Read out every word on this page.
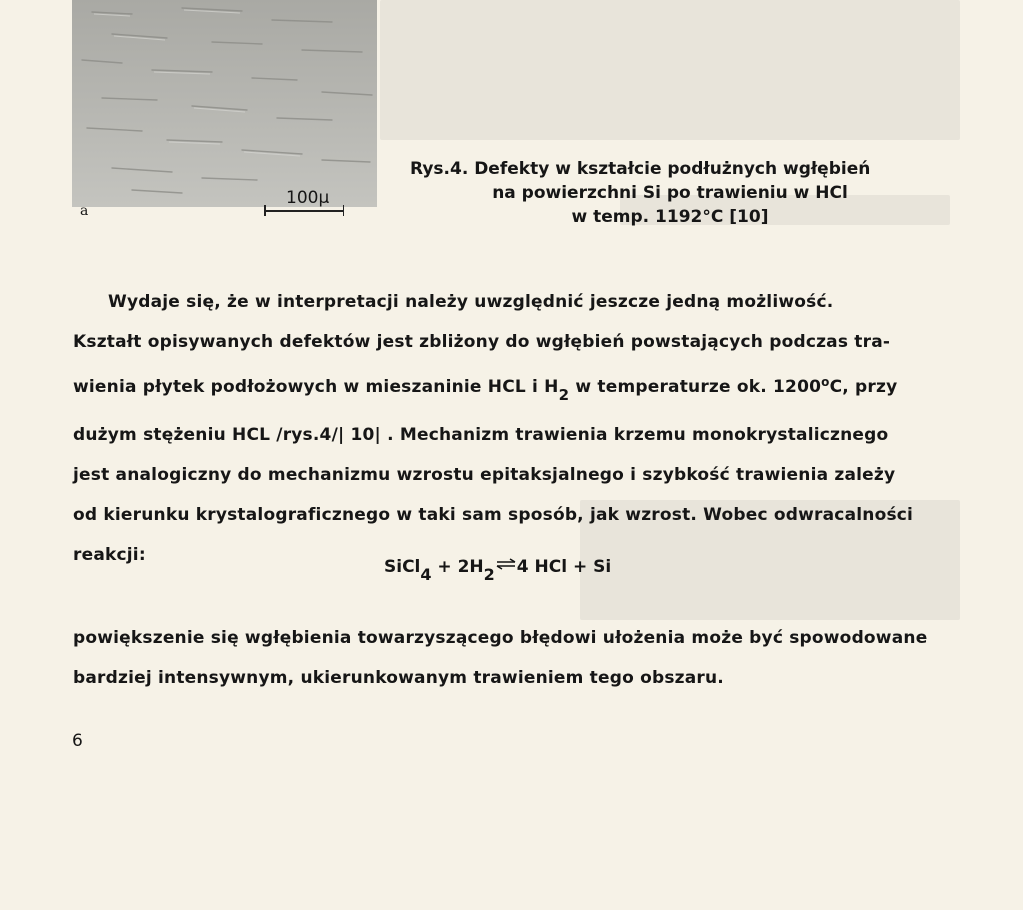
a
100μ
Rys.4. Defekty w kształcie podłużnych wgłębień
na powierzchni Si po trawieniu w HCl
w temp. 1192°C [10]

Wydaje się, że w interpretacji należy uwzględnić jeszcze jedną możliwość.

Kształt opisywanych defektów jest zbliżony do wgłębień powstających podczas tra-

wienia płytek podłożowych w mieszaninie HCL i H2 w temperaturze ok. 1200$^o$C, przy

dużym stężeniu HCL /rys.4/| 10| . Mechanizm trawienia krzemu monokrystalicznego

jest analogiczny do mechanizmu wzrostu epitaksjalnego i szybkość trawienia zależy

od kierunku krystalograficznego w taki sam sposób, jak wzrost. Wobec odwracalności

reakcji:

SiCl$_4$ + $2H_2$ ⇌4 HCl + Si

powiększenie się wgłębienia towarzyszącego błędowi ułożenia może być spowodowane

bardziej intensywnym, ukierunkowanym trawieniem tego obszaru.

6
